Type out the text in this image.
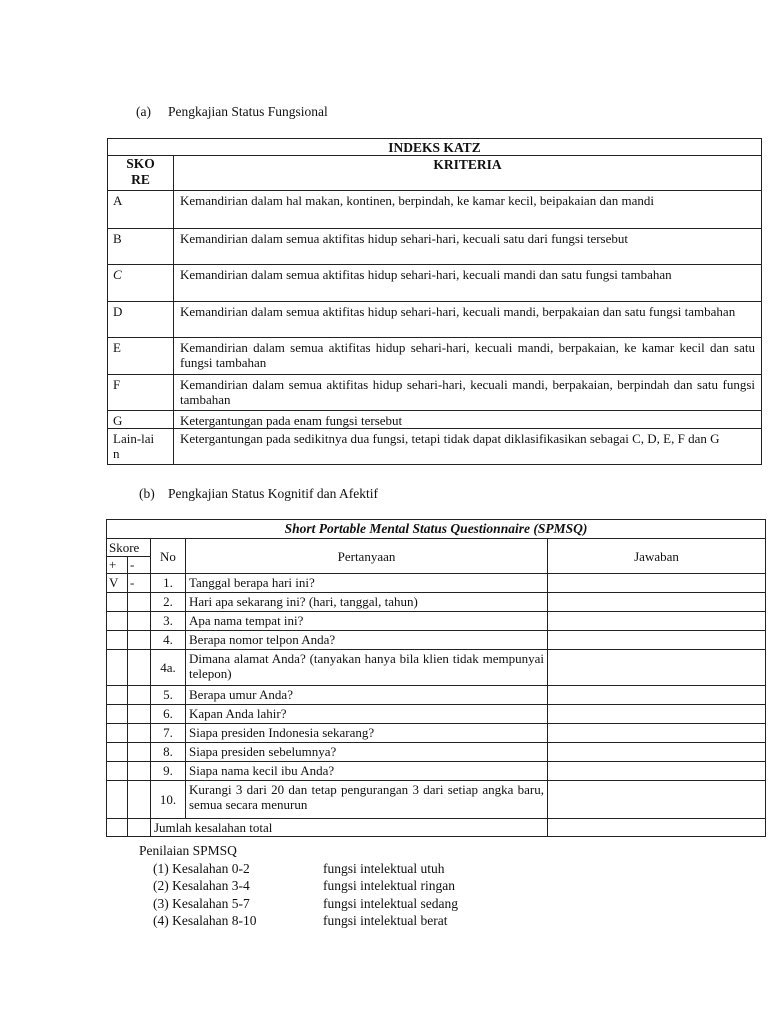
(a) Pengkajian Status Fungsional
INDEKS KATZ	
SKORE	KRITERIA
A	Kemandirian dalam hal makan, kontinen, berpindah, ke kamar kecil, beipakaian dan mandi
B	Kemandirian dalam semua aktifitas hidup sehari-hari, kecuali satu dari fungsi tersebut
C	Kemandirian dalam semua aktifitas hidup sehari-hari, kecuali mandi dan satu fungsi tambahan
D	Kemandirian dalam semua aktifitas hidup sehari-hari, kecuali mandi, berpakaian dan satu fungsi tambahan
E	Kemandirian dalam semua aktifitas hidup sehari-hari, kecuali mandi, berpakaian, ke kamar kecil dan satu fungsi tambahan
F	Kemandirian dalam semua aktifitas hidup sehari-hari, kecuali mandi, berpakaian, berpindah dan satu fungsi tambahan
G	Ketergantungan pada enam fungsi tersebut
Lain-lain	Ketergantungan pada sedikitnya dua fungsi, tetapi tidak dapat diklasifikasikan sebagai C, D, E, F dan G
(b) Pengkajian Status Kognitif dan Afektif
Short Portable Mental Status Questionnaire (SPMSQ)				
Skore		No	Pertanyaan	Jawaban
+	-			
V	-	1.	Tanggal berapa hari ini?	
		2.	Hari apa sekarang ini? (hari, tanggal, tahun)	
		3.	Apa nama tempat ini?	
		4.	Berapa nomor telpon Anda?	
		4a.	Dimana alamat Anda? (tanyakan hanya bila klien tidak mempunyai telepon)	
		5.	Berapa umur Anda?	
		6.	Kapan Anda lahir?	
		7.	Siapa presiden Indonesia sekarang?	
		8.	Siapa presiden sebelumnya?	
		9.	Siapa nama kecil ibu Anda?	
		10.	Kurangi 3 dari 20 dan tetap pengurangan 3 dari setiap angka baru, semua secara menurun	
		Jumlah kesalahan total		
Penilaian SPMSQ
(1) Kesalahan 0-2	fungsi intelektual utuh
(2) Kesalahan 3-4	fungsi intelektual ringan
(3) Kesalahan 5-7	fungsi intelektual sedang
(4) Kesalahan 8-10	fungsi intelektual berat
